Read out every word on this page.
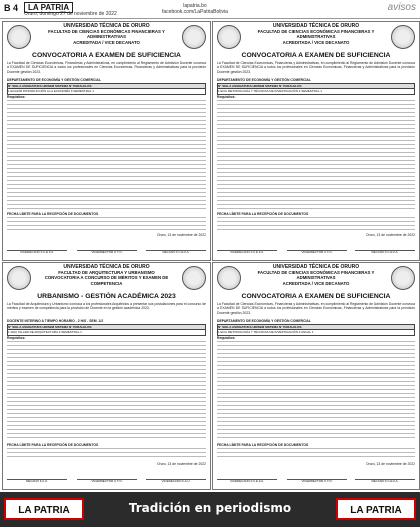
B 4	LA PATRIA
Oruro, domingo 27 de noviembre de 2022
lapatria.bo
facebook.com/LaPatriaBolivia	avisos
UNIVERSIDAD TÉCNICA DE ORURO
FACULTAD DE CIENCIAS ECONÓMICAS FINANCIERAS Y ADMINISTRATIVAS
ACREDITADA / VICE DECANATO
CONVOCATORIA A EXAMEN DE SUFICIENCIA
La Facultad de Ciencias Económicas, Financieras y Administrativas, en cumplimiento al Reglamento de Admisión Docente convoca a EXAMEN DE SUFICIENCIA a todos los profesionales en Ciencias Económicas, Financieras y Administrativas para la provisión Docente gestión 2023.
DEPARTAMENTO DE ECONOMÍA Y GESTIÓN COMERCIAL
N° SIGLA ASIGNATURA HR/SEM SISTEMA N° PARALELOS
1 ECG108 INTRODUCCIÓN A LA ECONOMÍA 6 SEMESTRAL 1
Requisitos:
FECHA LÍMITE PARA LA RECEPCIÓN DE DOCUMENTOS
Oruro, 13 de noviembre de 2022
VICEDECANO F.C.E.F.A.	VICERRECTOR U.T.O.	DECANO F.C.E.F.A.
UNIVERSIDAD TÉCNICA DE ORURO
FACULTAD DE CIENCIAS ECONÓMICAS FINANCIERAS Y ADMINISTRATIVAS
ACREDITADA / VICE DECANATO
CONVOCATORIA A EXAMEN DE SUFICIENCIA
La Facultad de Ciencias Económicas, Financieras y Administrativas, en cumplimiento al Reglamento de Admisión Docente convoca a EXAMEN DE SUFICIENCIA a todos los profesionales en Ciencias Económicas, Financieras y Administrativas para la provisión Docente gestión 2023.
DEPARTAMENTO DE ECONOMÍA Y GESTIÓN COMERCIAL
N° SIGLA ASIGNATURA HR/SEM SISTEMA N° PARALELOS
1 ECG METODOLOGÍA Y TÉCNICAS DE INVESTIGACIÓN 4 SEMESTRAL 1
Requisitos:
FECHA LÍMITE PARA LA RECEPCIÓN DE DOCUMENTOS
Oruro, 13 de noviembre de 2022
VICEDECANO F.C.E.F.A.	VICERRECTOR U.T.O.	DECANO F.C.E.F.A.
UNIVERSIDAD TÉCNICA DE ORURO
FACULTAD DE ARQUITECTURA Y URBANISMO
CONVOCATORIA A CONCURSO DE MÉRITOS Y EXAMEN DE COMPETENCIA
URBANISMO - GESTIÓN ACADÉMICA 2023
La Facultad de Arquitectura y Urbanismo convoca a los profesionales Arquitectos a presentar sus postulaciones para el concurso de méritos y examen de competencia para la provisión de Docente en la gestión académica 2023.
DOCENTE INTERINO A TIEMPO HORARIO - 2 H/S - SEM. 1/2
N° SIGLA ASIGNATURA HR/SEM SISTEMA N° PARALELOS
1 ARQ TALLER DE ARQUITECTURA 2 SEMESTRAL 1
Requisitos:
FECHA LÍMITE PARA LA RECEPCIÓN DE DOCUMENTOS
Oruro, 13 de noviembre de 2022
DECANO F.A.U.	VICERRECTOR U.T.O.	VICEDECANO F.A.U.
UNIVERSIDAD TÉCNICA DE ORURO
FACULTAD DE CIENCIAS ECONÓMICAS FINANCIERAS Y ADMINISTRATIVAS
ACREDITADA / VICE DECANATO
CONVOCATORIA A EXAMEN DE SUFICIENCIA
La Facultad de Ciencias Económicas, Financieras y Administrativas, en cumplimiento al Reglamento de Admisión Docente convoca a EXAMEN DE SUFICIENCIA a todos los profesionales en Ciencias Económicas, Financieras y Administrativas para la provisión Docente gestión 2023.
DEPARTAMENTO DE ECONOMÍA Y GESTIÓN COMERCIAL
N° SIGLA ASIGNATURA HR/SEM SISTEMA N° PARALELOS
1 ECG METODOLOGÍA Y TÉCNICAS DE INVESTIGACIÓN 4 ANUAL 1
Requisitos:
FECHA LÍMITE PARA LA RECEPCIÓN DE DOCUMENTOS
Oruro, 13 de noviembre de 2022
VICEDECANO F.C.E.F.A.	VICERRECTOR U.T.O.	DECANO F.C.E.F.A.
LA PATRIA	Tradición en periodismo	LA PATRIA
